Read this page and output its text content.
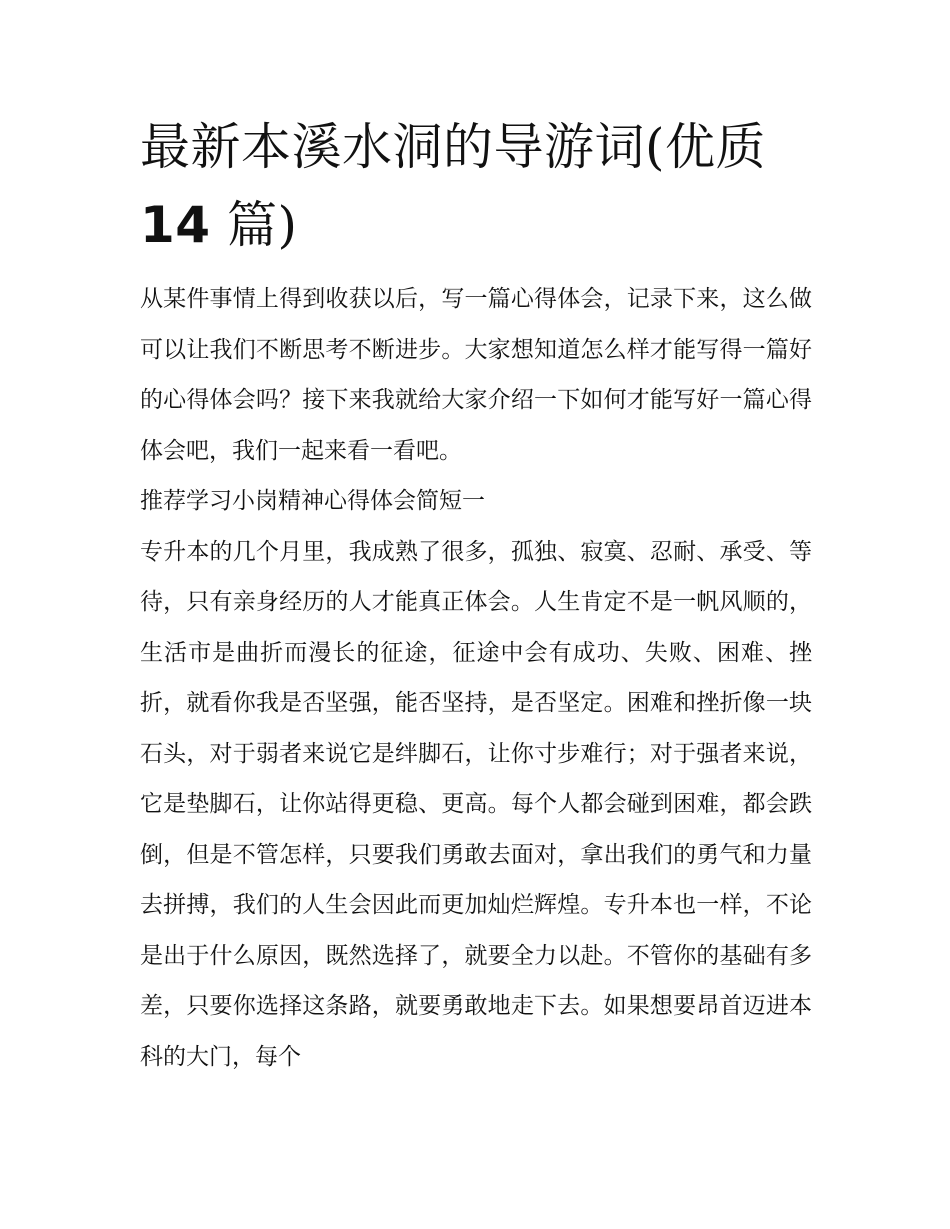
最新本溪水洞的导游词(优质
14 篇)

从某件事情上得到收获以后，写一篇心得体会，记录下来，这么做可以让我们不断思考不断进步。大家想知道怎么样才能写得一篇好的心得体会吗？接下来我就给大家介绍一下如何才能写好一篇心得体会吧，我们一起来看一看吧。

推荐学习小岗精神心得体会简短一

专升本的几个月里，我成熟了很多，孤独、寂寞、忍耐、承受、等待，只有亲身经历的人才能真正体会。人生肯定不是一帆风顺的，生活市是曲折而漫长的征途，征途中会有成功、失败、困难、挫折，就看你我是否坚强，能否坚持，是否坚定。困难和挫折像一块石头，对于弱者来说它是绊脚石，让你寸步难行；对于强者来说，它是垫脚石，让你站得更稳、更高。每个人都会碰到困难，都会跌倒，但是不管怎样，只要我们勇敢去面对，拿出我们的勇气和力量去拼搏，我们的人生会因此而更加灿烂辉煌。专升本也一样，不论是出于什么原因，既然选择了，就要全力以赴。不管你的基础有多差，只要你选择这条路，就要勇敢地走下去。如果想要昂首迈进本科的大门，每个
